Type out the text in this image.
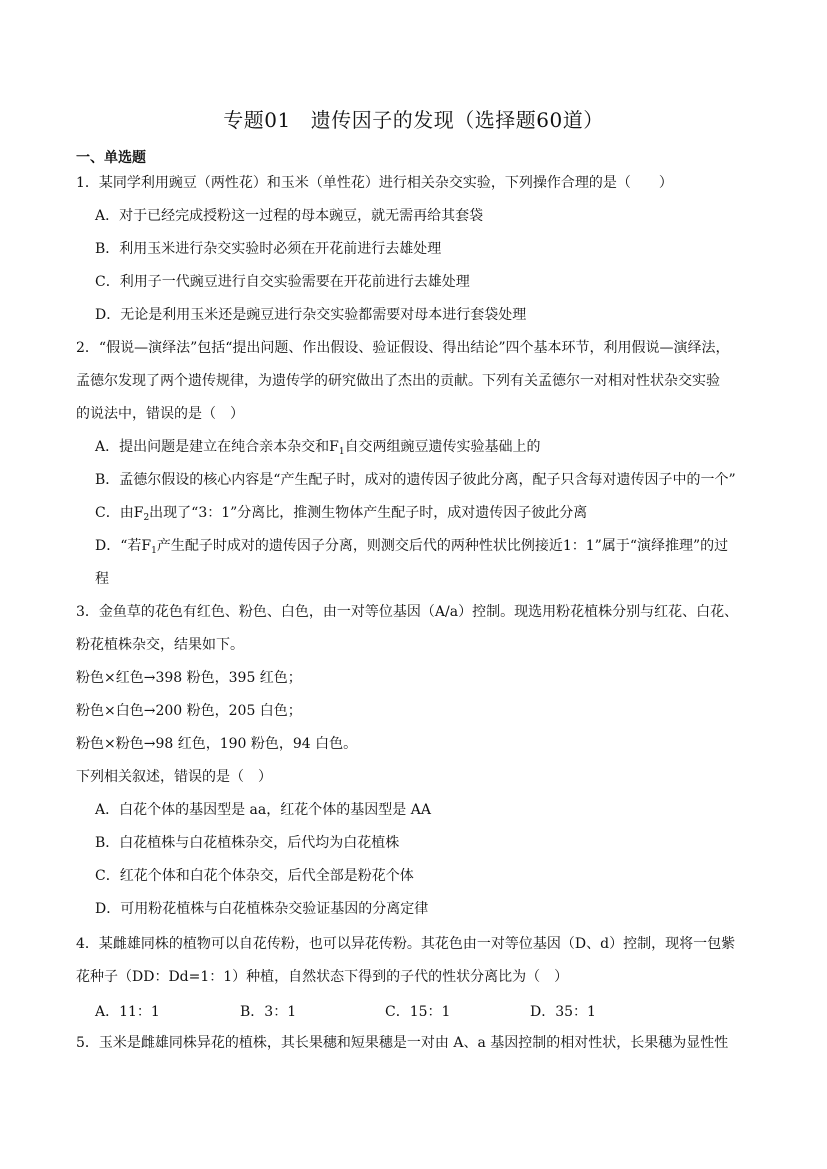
专题01 遗传因子的发现（选择题60道）
一、单选题
1．某同学利用豌豆（两性花）和玉米（单性花）进行相关杂交实验，下列操作合理的是（　　）
A．对于已经完成授粉这一过程的母本豌豆，就无需再给其套袋
B．利用玉米进行杂交实验时必须在开花前进行去雄处理
C．利用子一代豌豆进行自交实验需要在开花前进行去雄处理
D．无论是利用玉米还是豌豆进行杂交实验都需要对母本进行套袋处理
2．“假说—演绎法”包括“提出问题、作出假设、验证假设、得出结论”四个基本环节，利用假说—演绎法，
孟德尔发现了两个遗传规律，为遗传学的研究做出了杰出的贡献。下列有关孟德尔一对相对性状杂交实验
的说法中，错误的是（　）
A．提出问题是建立在纯合亲本杂交和$F_1$自交两组豌豆遗传实验基础上的
B．孟德尔假设的核心内容是“产生配子时，成对的遗传因子彼此分离，配子只含每对遗传因子中的一个”
C．由$F_2$出现了“3：1”分离比，推测生物体产生配子时，成对遗传因子彼此分离
D．“若$F_1$产生配子时成对的遗传因子分离，则测交后代的两种性状比例接近1：1”属于“演绎推理”的过
程
3．金鱼草的花色有红色、粉色、白色，由一对等位基因（A/a）控制。现选用粉花植株分别与红花、白花、
粉花植株杂交，结果如下。
粉色×红色→398 粉色，395 红色；
粉色×白色→200 粉色，205 白色；
粉色×粉色→98 红色，190 粉色，94 白色。
下列相关叙述，错误的是（　）
A．白花个体的基因型是 aa，红花个体的基因型是 AA
B．白花植株与白花植株杂交，后代均为白花植株
C．红花个体和白花个体杂交，后代全部是粉花个体
D．可用粉花植株与白花植株杂交验证基因的分离定律
4．某雌雄同株的植物可以自花传粉，也可以异花传粉。其花色由一对等位基因（D、d）控制，现将一包紫
花种子（DD：Dd=1：1）种植，自然状态下得到的子代的性状分离比为（　）
A．11：1	B．3：1	C．15：1	D．35：1
5．玉米是雌雄同株异花的植株，其长果穗和短果穗是一对由 A、a 基因控制的相对性状，长果穗为显性性
